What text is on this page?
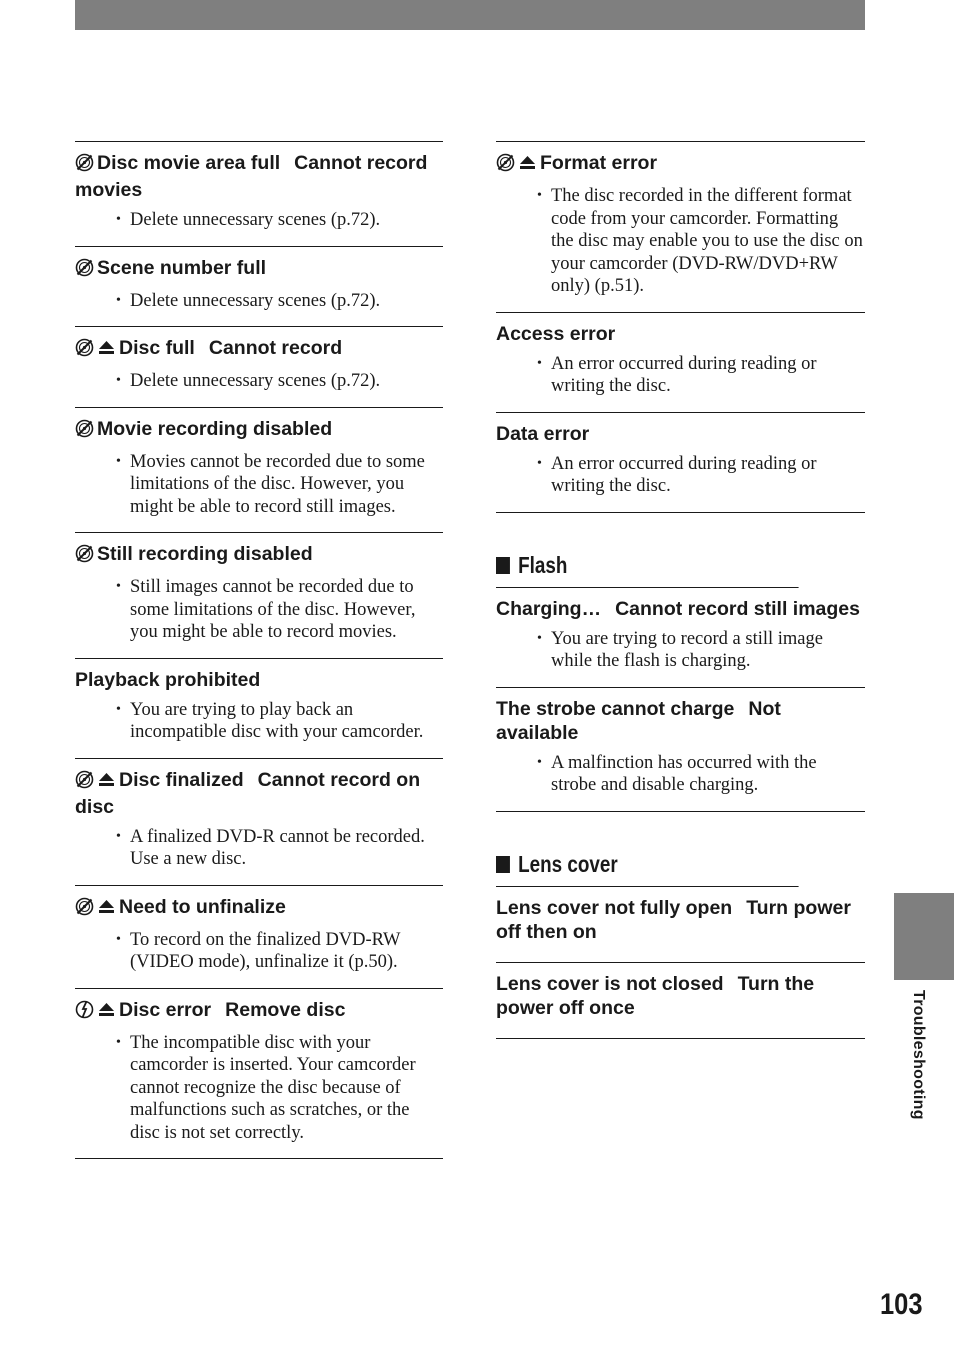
Disc movie area full Cannot record movies

• Delete unnecessary scenes (p.72).

Scene number full

• Delete unnecessary scenes (p.72).

Disc full Cannot record

• Delete unnecessary scenes (p.72).

Movie recording disabled

• Movies cannot be recorded due to some limitations of the disc. However, you might be able to record still images.

Still recording disabled

• Still images cannot be recorded due to some limitations of the disc. However, you might be able to record movies.

Playback prohibited

• You are trying to play back an incompatible disc with your camcorder.

Disc finalized Cannot record on disc

• A finalized DVD-R cannot be recorded. Use a new disc.

Need to unfinalize

• To record on the finalized DVD-RW (VIDEO mode), unfinalize it (p.50).

Disc error Remove disc

• The incompatible disc with your camcorder is inserted. Your camcorder cannot recognize the disc because of malfunctions such as scratches, or the disc is not set correctly.

Format error

• The disc recorded in the different format code from your camcorder. Formatting the disc may enable you to use the disc on your camcorder (DVD-RW/DVD+RW only) (p.51).

Access error

• An error occurred during reading or writing the disc.

Data error

• An error occurred during reading or writing the disc.
Flash

Charging… Cannot record still images

• You are trying to record a still image while the flash is charging.

The strobe cannot charge Not available

• A malfinction has occurred with the strobe and disable charging.
Lens cover

Lens cover not fully open Turn power off then on

Lens cover is not closed Turn the power off once	Troubleshooting
103
